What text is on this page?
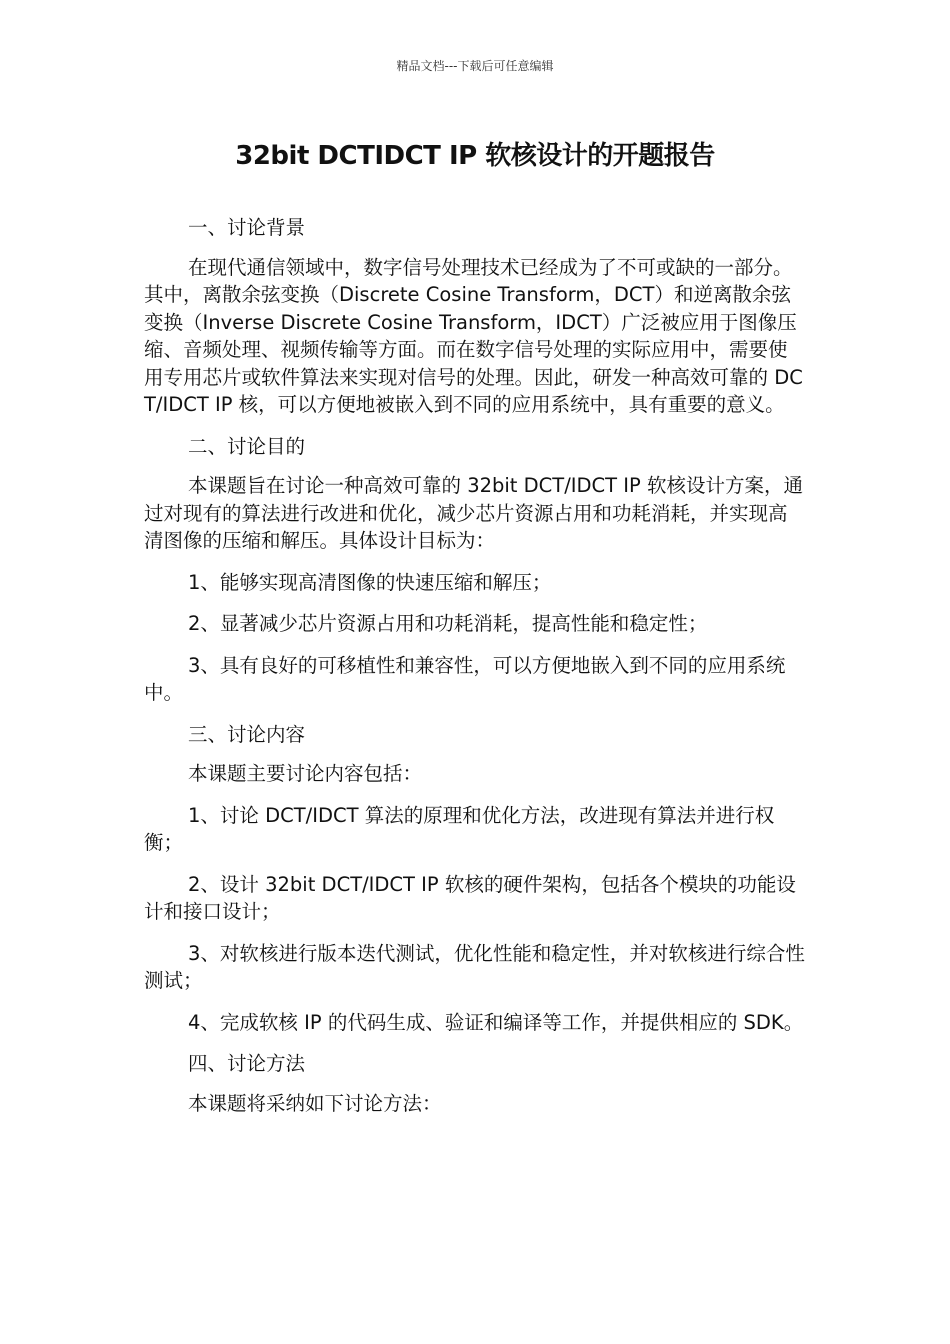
精品文档---下载后可任意编辑
32bit DCTIDCT IP 软核设计的开题报告

一、讨论背景

在现代通信领域中，数字信号处理技术已经成为了不可或缺的一部分。其中，离散余弦变换（Discrete Cosine Transform，DCT）和逆离散余弦变换（Inverse Discrete Cosine Transform，IDCT）广泛被应用于图像压缩、音频处理、视频传输等方面。而在数字信号处理的实际应用中，需要使用专用芯片或软件算法来实现对信号的处理。因此，研发一种高效可靠的 DCT/IDCT IP 核，可以方便地被嵌入到不同的应用系统中，具有重要的意义。

二、讨论目的

本课题旨在讨论一种高效可靠的 32bit DCT/IDCT IP 软核设计方案，通过对现有的算法进行改进和优化，减少芯片资源占用和功耗消耗，并实现高清图像的压缩和解压。具体设计目标为：

1、能够实现高清图像的快速压缩和解压；

2、显著减少芯片资源占用和功耗消耗，提高性能和稳定性；

3、具有良好的可移植性和兼容性，可以方便地嵌入到不同的应用系统中。

三、讨论内容

本课题主要讨论内容包括：

1、讨论 DCT/IDCT 算法的原理和优化方法，改进现有算法并进行权衡；

2、设计 32bit DCT/IDCT IP 软核的硬件架构，包括各个模块的功能设计和接口设计；

3、对软核进行版本迭代测试，优化性能和稳定性，并对软核进行综合性测试；

4、完成软核 IP 的代码生成、验证和编译等工作，并提供相应的 SDK。

四、讨论方法

本课题将采纳如下讨论方法：
